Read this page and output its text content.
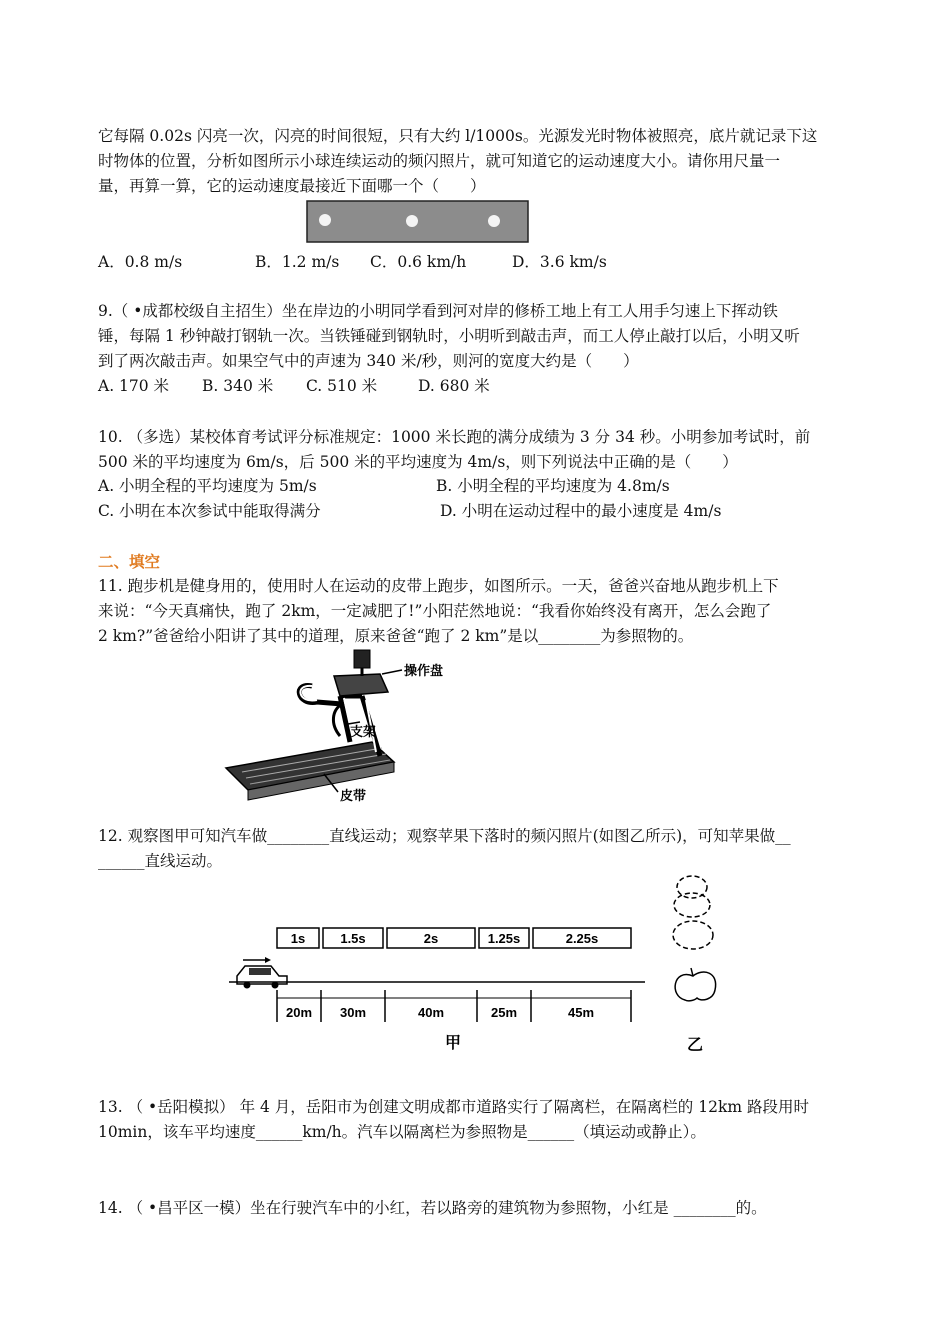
它每隔 0.02s 闪亮一次，闪亮的时间很短，只有大约 l/1000s。光源发光时物体被照亮，底片就记录下这
时物体的位置，分析如图所示小球连续运动的频闪照片，就可知道它的运动速度大小。请你用尺量一
量，再算一算，它的运动速度最接近下面哪一个（　　）
A．0.8 m/s	B．1.2 m/s C．0.6 km/h	D．3.6 km/s
9.（ •成都校级自主招生）坐在岸边的小明同学看到河对岸的修桥工地上有工人用手匀速上下挥动铁
锤，每隔 1 秒钟敲打钢轨一次。当铁锤碰到钢轨时，小明听到敲击声，而工人停止敲打以后，小明又听
到了两次敲击声。如果空气中的声速为 340 米/秒，则河的宽度大约是（　　）
A. 170 米 B. 340 米 C. 510 米	D. 680 米
10. （多选）某校体育考试评分标准规定：1000 米长跑的满分成绩为 3 分 34 秒。小明参加考试时，前
500 米的平均速度为 6m/s，后 500 米的平均速度为 4m/s，则下列说法中正确的是（　　）
A. 小明全程的平均速度为 5m/s	B. 小明全程的平均速度为 4.8m/s
C. 小明在本次参试中能取得满分	D. 小明在运动过程中的最小速度是 4m/s
二、填空
11. 跑步机是健身用的，使用时人在运动的皮带上跑步，如图所示。一天，爸爸兴奋地从跑步机上下
来说：“今天真痛快，跑了 2km，一定减肥了!”小阳茫然地说：“我看你始终没有离开，怎么会跑了
2 km?”爸爸给小阳讲了其中的道理，原来爸爸“跑了 2 km”是以________为参照物的。
操作盘
支架
皮带
12. 观察图甲可知汽车做________直线运动；观察苹果下落时的频闪照片(如图乙所示)，可知苹果做__
______直线运动。
1s	1.5s	2s	1.25s	2.25s
20m 30m	40m	25m	45m
甲	乙
13. （ •岳阳模拟） 年 4 月，岳阳市为创建文明成都市道路实行了隔离栏，在隔离栏的 12km 路段用时
10min，该车平均速度______km/h。汽车以隔离栏为参照物是______（填运动或静止）。
14. （ •昌平区一模）坐在行驶汽车中的小红，若以路旁的建筑物为参照物，小红是 ________的。
